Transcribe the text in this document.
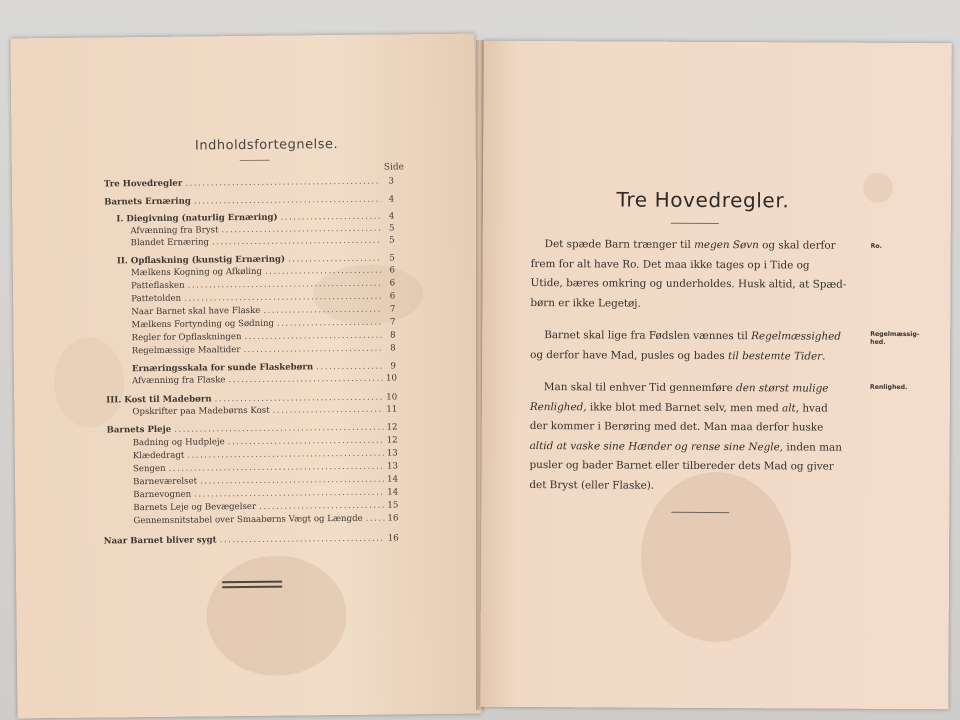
Indholdsfortegnelse.
Side
Tre Hovedregler .....	3
Barnets Ernæring .....	4
I. Diegivning (naturlig Ernæring) .....	4
Afvænning fra Bryst .....	5
Blandet Ernæring .....	5
II. Opflaskning (kunstig Ernæring) .....	5
Mælkens Kogning og Afkøling .....	6
Patteflasken .....	6
Pattetolden .....	6
Naar Barnet skal have Flaske .....	7
Mælkens Fortynding og Sødning .....	7
Regler for Opflaskningen .....	8
Regelmæssige Maaltider .....	8
Ernæringsskala for sunde Flaskebørn .....	9
Afvænning fra Flaske .....	10
III. Kost til Madebørn .....	10
Opskrifter paa Madebørns Kost .....	11
Barnets Pleje .....	12
Badning og Hudpleje .....	12
Klædedragt .....	13
Sengen .....	13
Barneværelset .....	14
Barnevognen .....	14
Barnets Leje og Bevægelser .....	15
Gennemsnitstabel over Smaabørns Vægt og Længde .....	16
Naar Barnet bliver sygt .....	16
Tre Hovedregler.
Det spæde Barn trænger til megen Søvn og skal derfor
frem for alt have Ro. Det maa ikke tages op i Tide og
Utide, bæres omkring og underholdes. Husk altid, at Spæd-
børn er ikke Legetøj.
Barnet skal lige fra Fødslen vænnes til Regelmæssighed
og derfor have Mad, pusles og bades til bestemte Tider.
Man skal til enhver Tid gennemføre den størst mulige
Renlighed, ikke blot med Barnet selv, men med alt, hvad
der kommer i Berøring med det. Man maa derfor huske
altid at vaske sine Hænder og rense sine Negle, inden man
pusler og bader Barnet eller tilbereder dets Mad og giver
det Bryst (eller Flaske).
Ro.
Regelmæssig-hed.
Renlighed.
